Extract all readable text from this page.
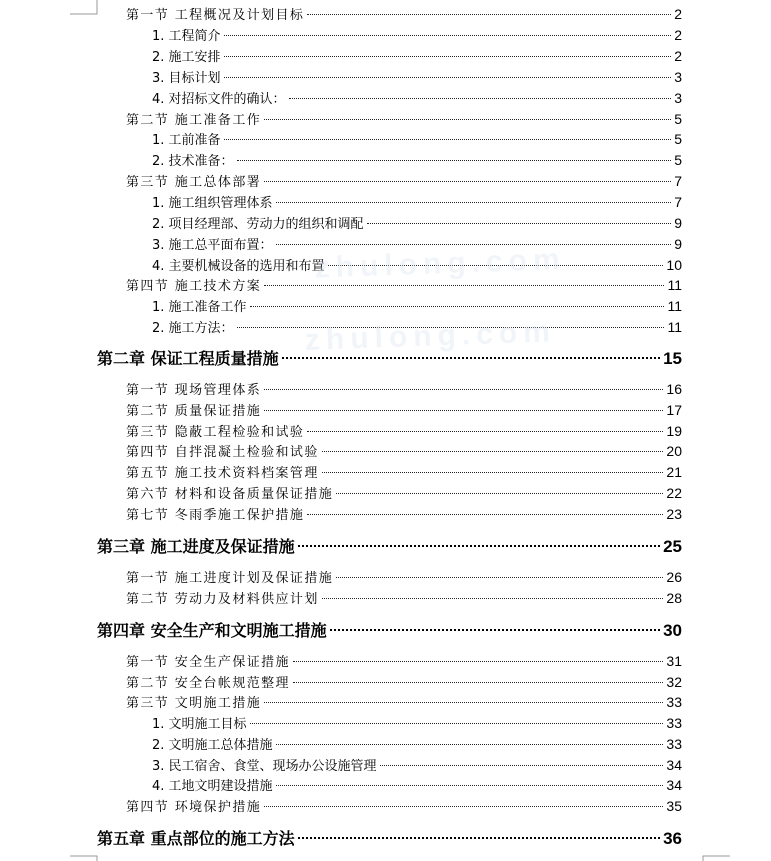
第一节 工程概况及计划目标	2
1. 工程简介	2
2. 施工安排	2
3. 目标计划	3
4. 对招标文件的确认：	3
第二节 施工准备工作	5
1. 工前准备	5
2. 技术准备：	5
第三节 施工总体部署	7
1. 施工组织管理体系	7
2. 项目经理部、劳动力的组织和调配	9
3. 施工总平面布置：	9
4. 主要机械设备的选用和布置	10
第四节 施工技术方案	11
1. 施工准备工作	11
2. 施工方法：	11
第二章 保证工程质量措施	15
第一节 现场管理体系	16
第二节 质量保证措施	17
第三节 隐蔽工程检验和试验	19
第四节 自拌混凝土检验和试验	20
第五节 施工技术资料档案管理	21
第六节 材料和设备质量保证措施	22
第七节 冬雨季施工保护措施	23
第三章 施工进度及保证措施	25
第一节 施工进度计划及保证措施	26
第二节 劳动力及材料供应计划	28
第四章 安全生产和文明施工措施	30
第一节 安全生产保证措施	31
第二节 安全台帐规范整理	32
第三节 文明施工措施	33
1. 文明施工目标	33
2. 文明施工总体措施	33
3. 民工宿舍、食堂、现场办公设施管理	34
4. 工地文明建设措施	34
第四节 环境保护措施	35
第五章 重点部位的施工方法	36
zhulong.com
zhulong.com
